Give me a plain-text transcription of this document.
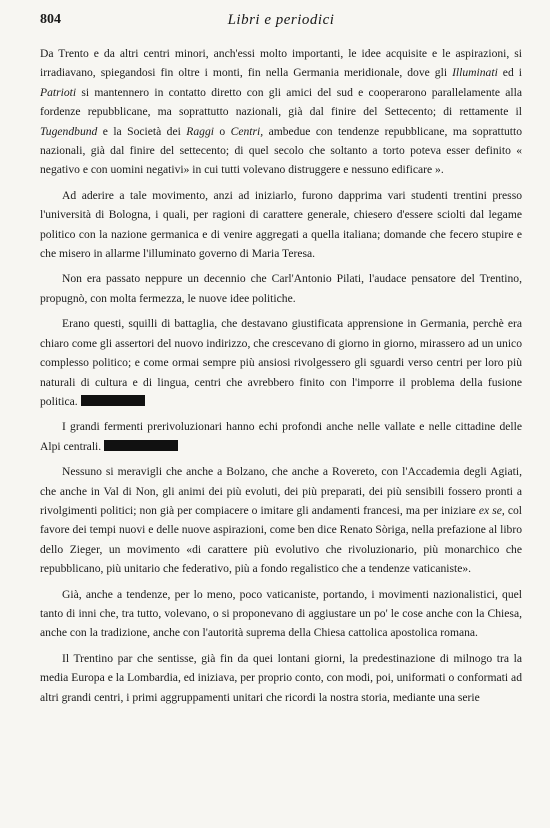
804	Libri e periodici

Da Trento e da altri centri minori, anch'essi molto importanti, le idee acquisite e le aspirazioni, si irradiavano, spiegandosi fin oltre i monti, fin nella Germania meridionale, dove gli Illuminati ed i Patrioti si mantennero in contatto diretto con gli amici del sud e cooperarono parallelamente alla fordenze repubblicane, ma soprattutto nazionali, già dal finire del Settecento; di rettamente il Tugendbund e la Società dei Raggi o Centri, ambedue con tendenze repubblicane, ma soprattutto nazionali, già dal finire del settecento; di quel secolo che soltanto a torto poteva esser definito « negativo e con uomini negativi» in cui tutti volevano distruggere e nessuno edificare ».

Ad aderire a tale movimento, anzi ad iniziarlo, furono dapprima vari studenti trentini presso l'università di Bologna, i quali, per ragioni di carattere generale, chiesero d'essere sciolti dal legame politico con la nazione germanica e di venire aggregati a quella italiana; domande che fecero stupire e che misero in allarme l'illuminato governo di Maria Teresa.

Non era passato neppure un decennio che Carl'Antonio Pilati, l'audace pensatore del Trentino, propugnò, con molta fermezza, le nuove idee politiche.

Erano questi, squilli di battaglia, che destavano giustificata apprensione in Germania, perchè era chiaro come gli assertori del nuovo indirizzo, che crescevano di giorno in giorno, mirassero ad un unico complesso politico; e come ormai sempre più ansiosi rivolgessero gli sguardi verso centri per loro più naturali di cultura e di lingua, centri che avrebbero finito con l'imporre il problema della fusione politica.

I grandi fermenti prerivoluzionari hanno echi profondi anche nelle vallate e nelle cittadine delle Alpi centrali.

Nessuno si meravigli che anche a Bolzano, che anche a Rovereto, con l'Accademia degli Agiati, che anche in Val di Non, gli animi dei più evoluti, dei più preparati, dei più sensibili fossero pronti a rivolgimenti politici; non già per compiacere o imitare gli andamenti francesi, ma per iniziare ex se, col favore dei tempi nuovi e delle nuove aspirazioni, come ben dice Renato Sòriga, nella prefazione al libro dello Zieger, un movimento «di carattere più evolutivo che rivoluzionario, più monarchico che repubblicano, più unitario che federativo, più a fondo regalistico che a tendenze vaticaniste».

Già, anche a tendenze, per lo meno, poco vaticaniste, portando, i movimenti nazionalistici, quel tanto di inni che, tra tutto, volevano, o si proponevano di aggiustare un po' le cose anche con la Chiesa, anche con la tradizione, anche con l'autorità suprema della Chiesa cattolica apostolica romana.

Il Trentino par che sentisse, già fin da quei lontani giorni, la predestinazione di milnogo tra la media Europa e la Lombardia, ed iniziava, per proprio conto, con modi, poi, uniformati o conformati ad altri grandi centri, i primi aggruppamenti unitari che ricordi la nostra storia, mediante una serie
